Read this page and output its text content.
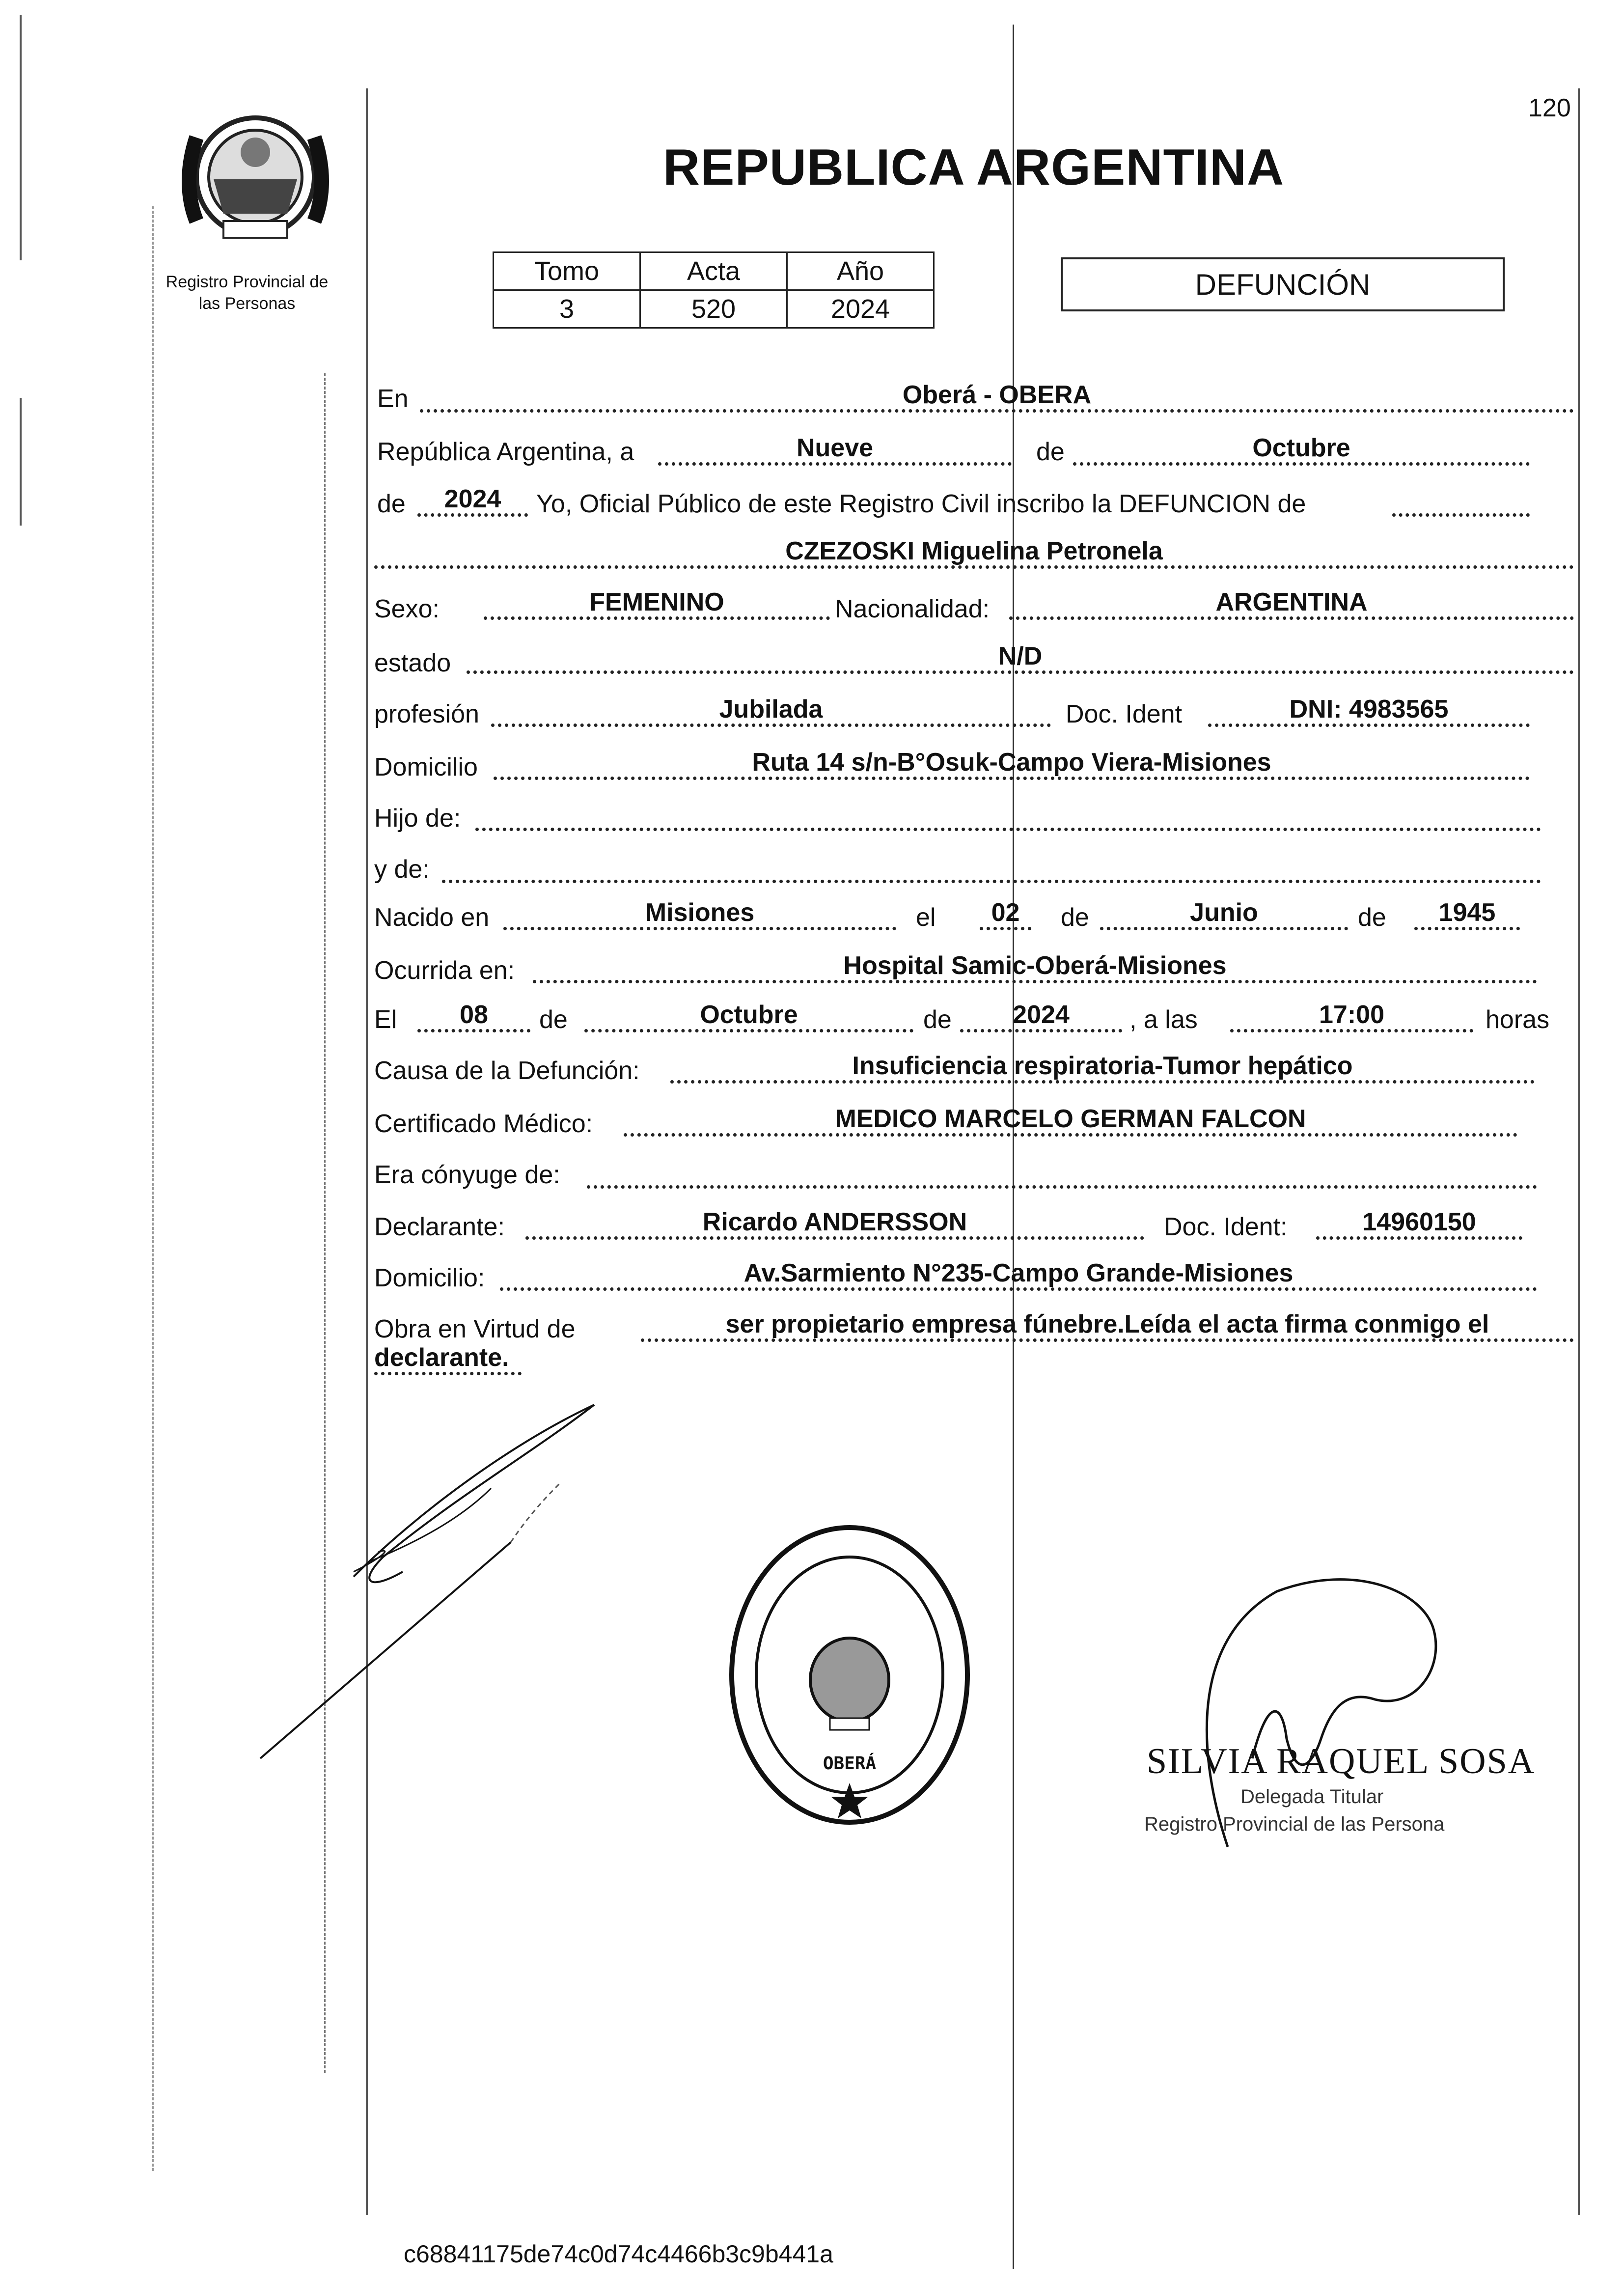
120
REPUBLICA ARGENTINA
Registro Provincial de
las Personas
Tomo	Acta	Año
3	520	2024
DEFUNCIÓN
En	Oberá - OBERA
República Argentina, a	Nueve	de	Octubre
de	2024	Yo, Oficial Público de este Registro Civil inscribo la DEFUNCION de
CZEZOSKI Miguelina Petronela
Sexo:	FEMENINO	Nacionalidad:	ARGENTINA
estado	N/D
profesión	Jubilada	Doc. Ident	DNI: 4983565
Domicilio	Ruta 14 s/n-B°Osuk-Campo Viera-Misiones
Hijo de:
y de:
Nacido en	Misiones	el	02	de	Junio	de	1945
Ocurrida en:	Hospital Samic-Oberá-Misiones
El	08	de	Octubre	de	2024	, a las	17:00	horas
Causa de la Defunción:	Insuficiencia respiratoria-Tumor hepático
Certificado Médico:	MEDICO MARCELO GERMAN FALCON
Era cónyuge de:
Declarante:	Ricardo ANDERSSON	Doc. Ident:	14960150
Domicilio:	Av.Sarmiento N°235-Campo Grande-Misiones
Obra en Virtud de	ser propietario empresa fúnebre.Leída el acta firma conmigo el
declarante.
OBERÁ	SILVIA RAQUEL SOSA
Delegada Titular
Registro Provincial de las Persona
c68841175de74c0d74c4466b3c9b441a
